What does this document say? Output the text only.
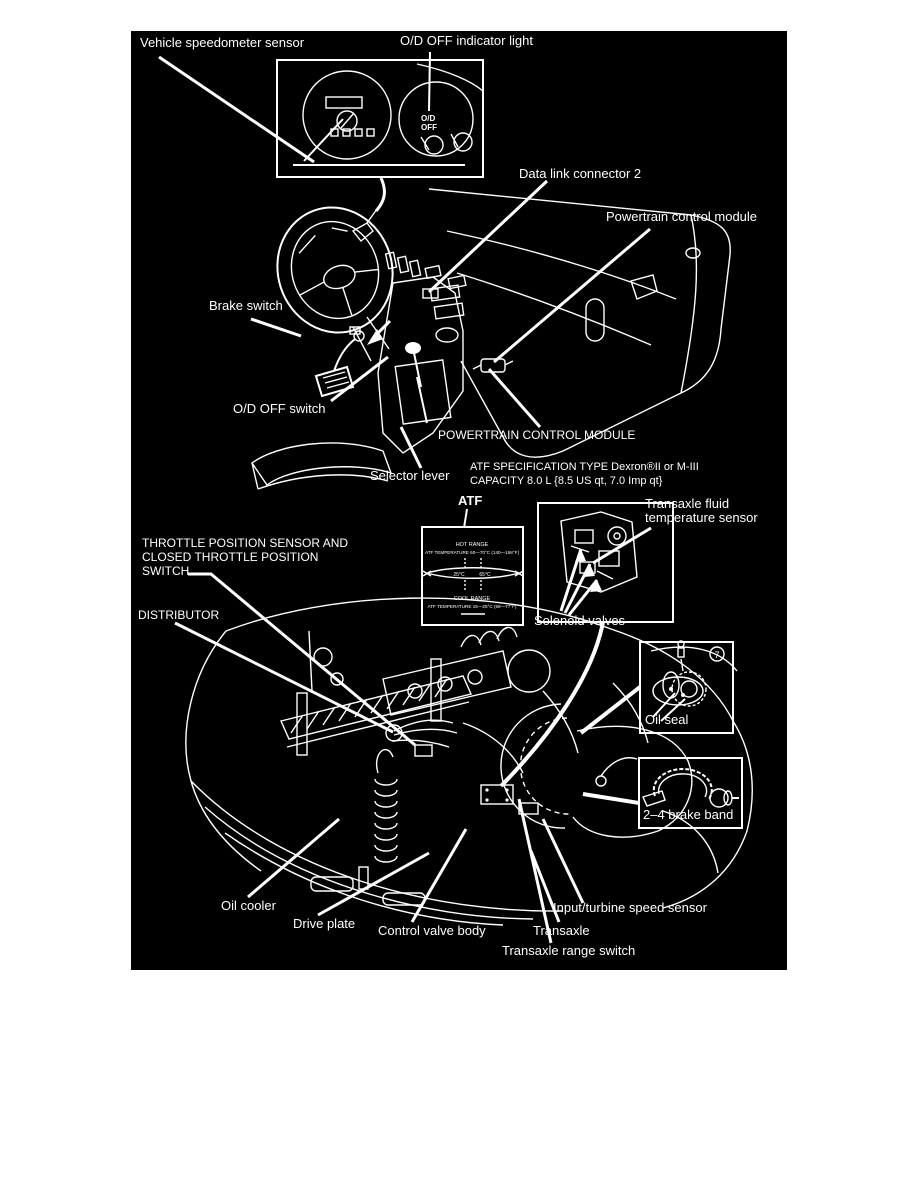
O/D
OFF
HOT RANGE
ATF TEMPERATURE 60—70°C (140—158°F)
25°C	65°C
COOL RANGE
ATF TEMPERATURE 15—25°C (59—77°F)
7
Vehicle speedometer sensor	O/D OFF indicator light
Data link connector 2
Powertrain control module
Brake switch
O/D OFF switch
POWERTRAIN CONTROL MODULE
Selector lever
ATF SPECIFICATION TYPE Dexron®II or M-III
CAPACITY 8.0 L {8.5 US qt, 7.0 Imp qt}
ATF
THROTTLE POSITION SENSOR AND
CLOSED THROTTLE POSITION
SWITCH
DISTRIBUTOR
Transaxle fluid
temperature sensor
Solenoid valves
Oil seal
2–4 brake band
Oil cooler
Drive plate Control valve body	Transaxle
Transaxle range switch
Input/turbine speed sensor
